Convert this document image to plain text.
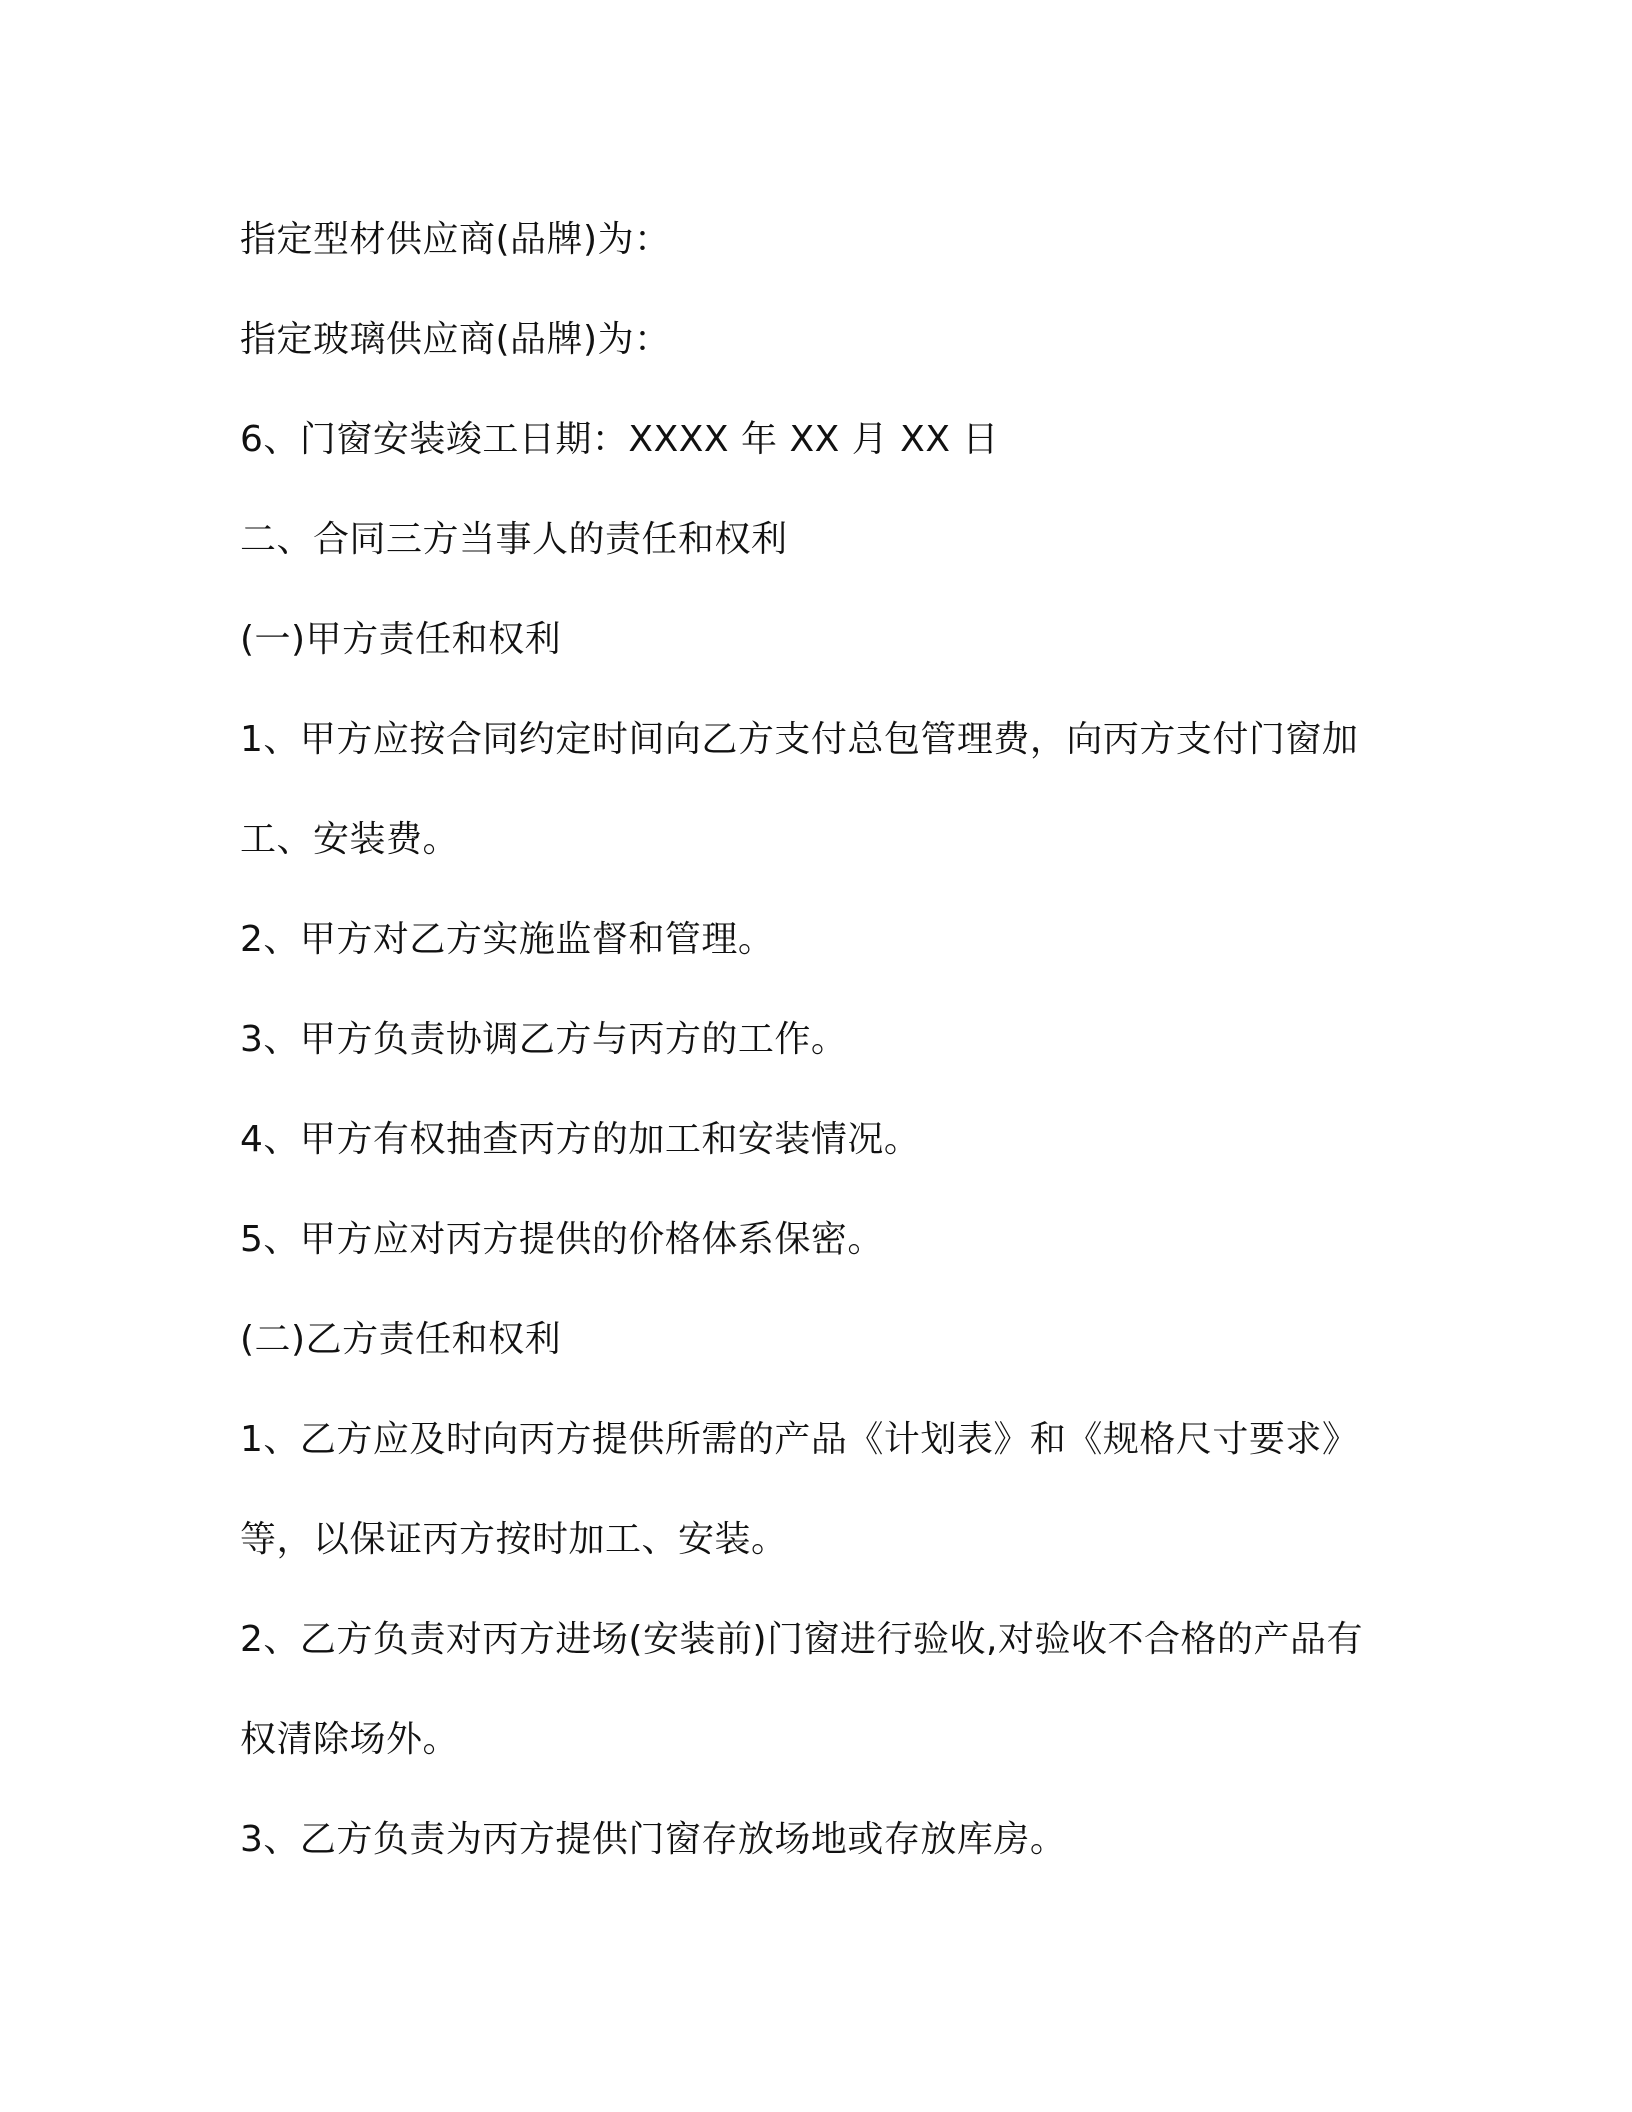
指定型材供应商(品牌)为：
指定玻璃供应商(品牌)为：
6、门窗安装竣工日期：XXXX 年 XX 月 XX 日
二、合同三方当事人的责任和权利
(一)甲方责任和权利
1、甲方应按合同约定时间向乙方支付总包管理费，向丙方支付门窗加
工、安装费。
2、甲方对乙方实施监督和管理。
3、甲方负责协调乙方与丙方的工作。
4、甲方有权抽查丙方的加工和安装情况。
5、甲方应对丙方提供的价格体系保密。
(二)乙方责任和权利
1、乙方应及时向丙方提供所需的产品《计划表》和《规格尺寸要求》
等，以保证丙方按时加工、安装。
2、乙方负责对丙方进场(安装前)门窗进行验收,对验收不合格的产品有
权清除场外。
3、乙方负责为丙方提供门窗存放场地或存放库房。
